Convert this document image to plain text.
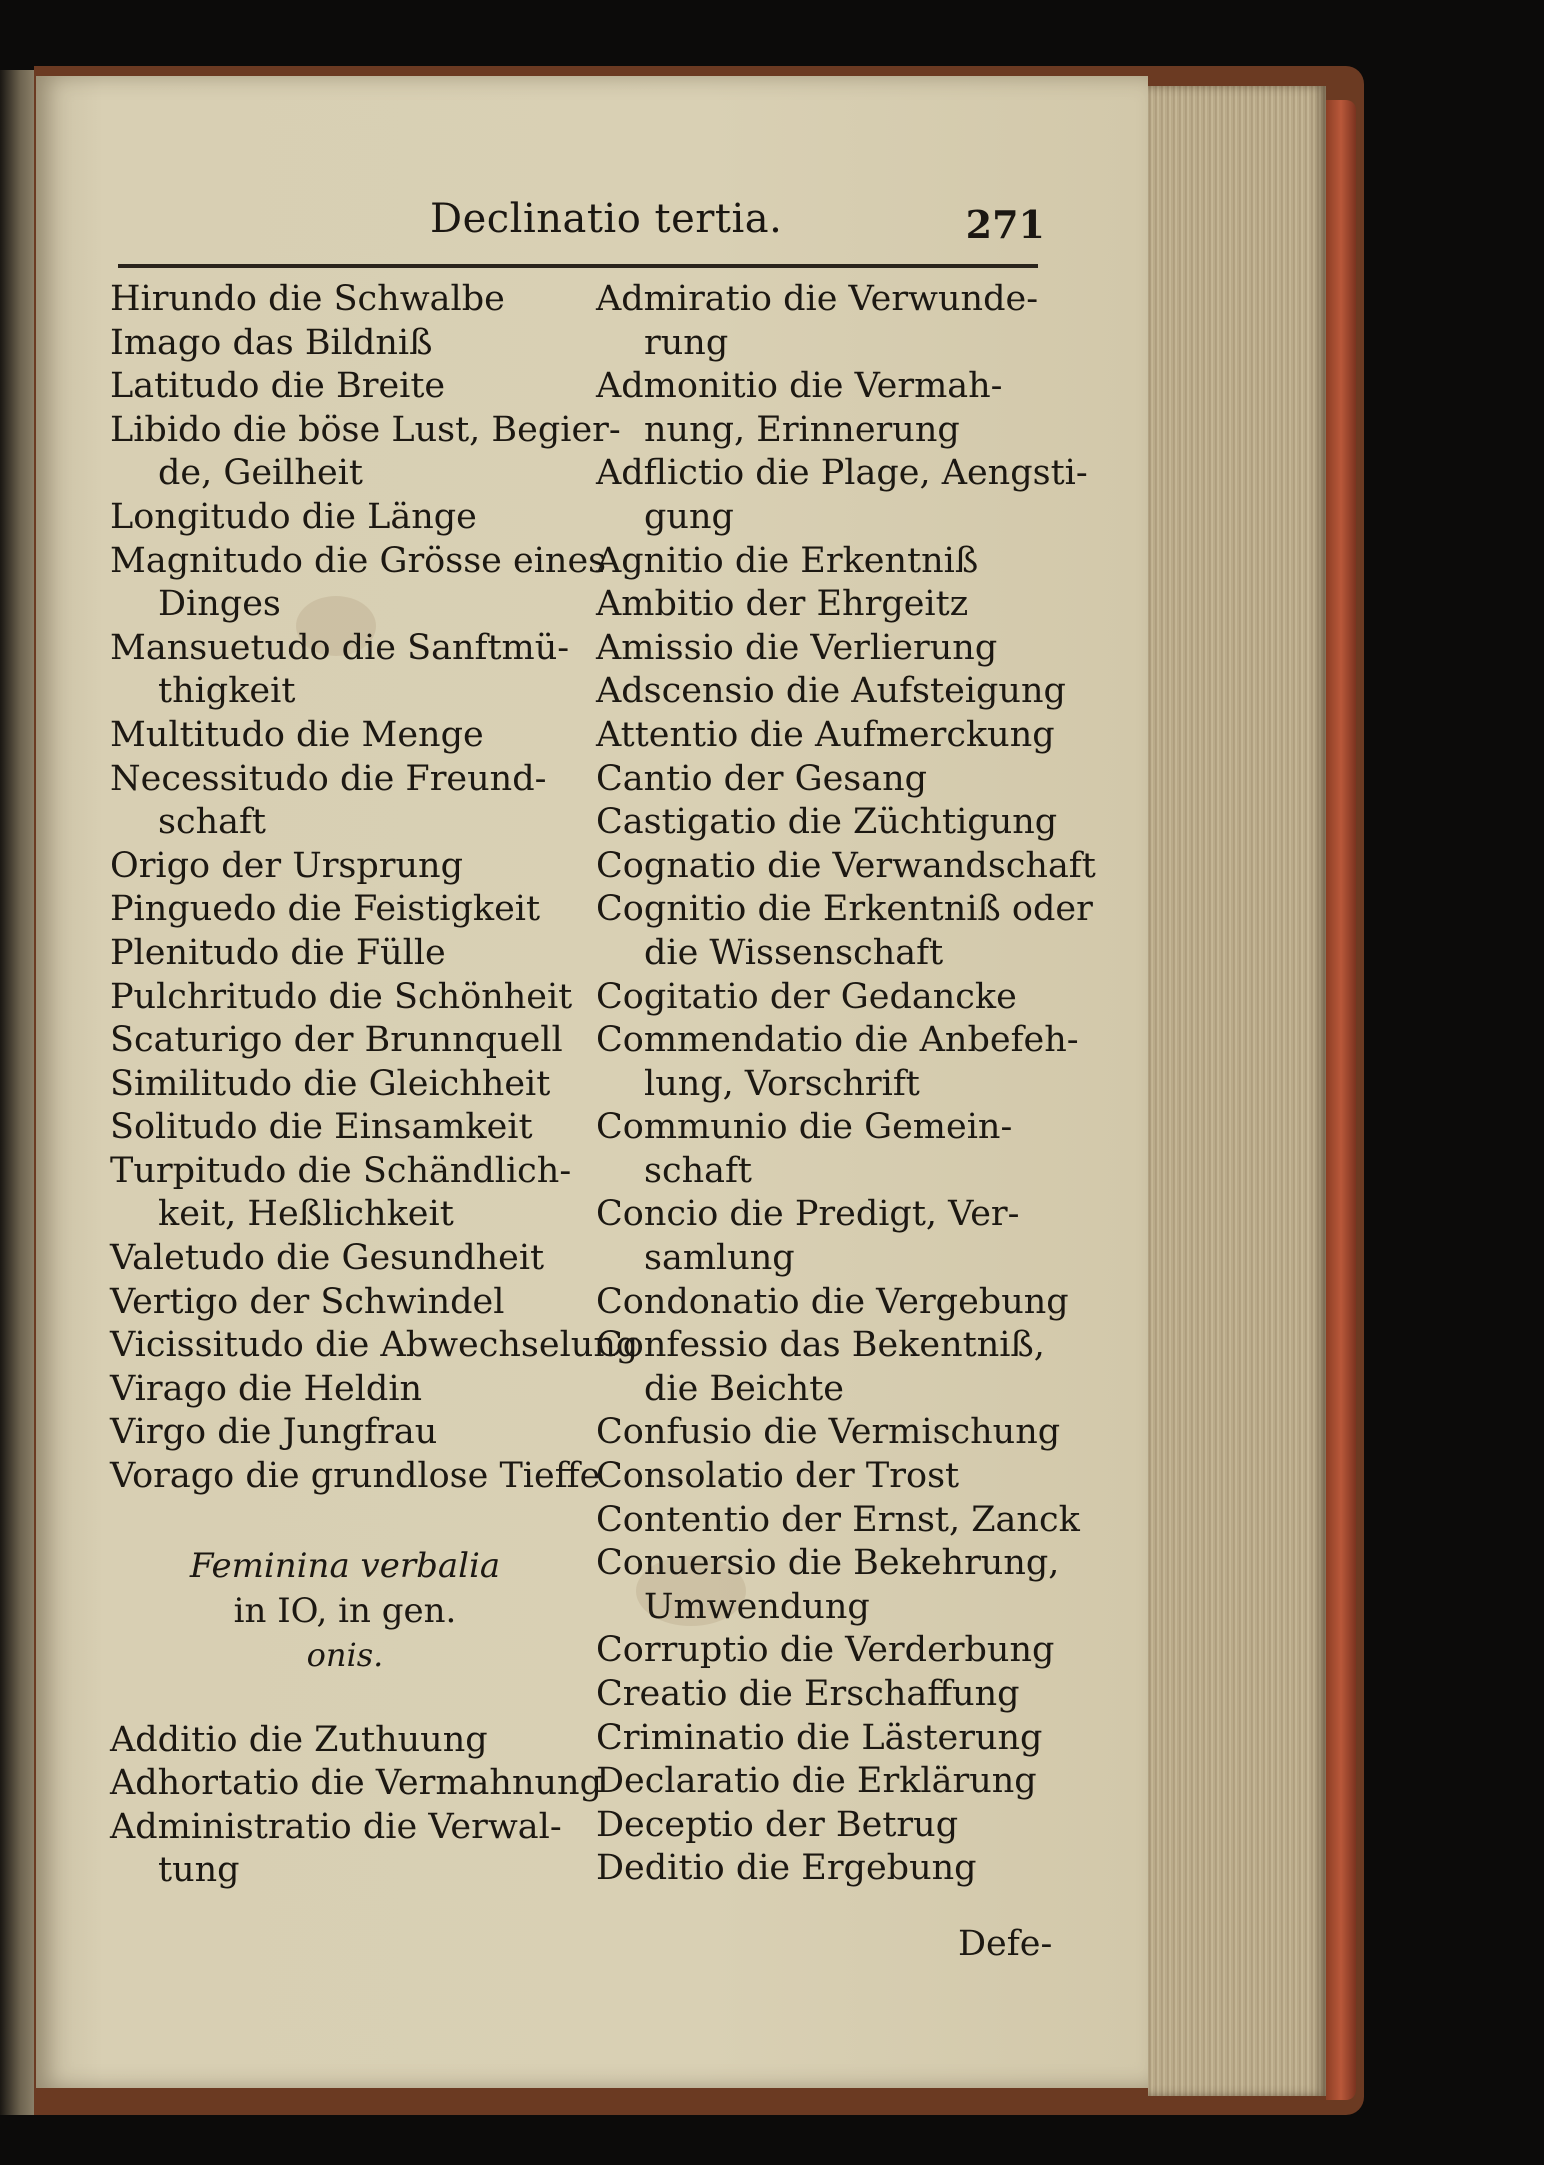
Declinatio tertia.	271
Hirundo die Schwalbe
Imago das Bildniß
Latitudo die Breite
Libido die böse Lust, Begier-
de, Geilheit
Longitudo die Länge
Magnitudo die Grösse eines
Dinges
Mansuetudo die Sanftmü-
thigkeit
Multitudo die Menge
Necessitudo die Freund-
schaft
Origo der Ursprung
Pinguedo die Feistigkeit
Plenitudo die Fülle
Pulchritudo die Schönheit
Scaturigo der Brunnquell
Similitudo die Gleichheit
Solitudo die Einsamkeit
Turpitudo die Schändlich-
keit, Heßlichkeit
Valetudo die Gesundheit
Vertigo der Schwindel
Vicissitudo die Abwechselung
Virago die Heldin
Virgo die Jungfrau
Vorago die grundlose Tieffe
Feminina verbalia
in IO, in gen.
onis.
Additio die Zuthuung
Adhortatio die Vermahnung
Administratio die Verwal-
tung
Admiratio die Verwunde-
rung
Admonitio die Vermah-
nung, Erinnerung
Adflictio die Plage, Aengsti-
gung
Agnitio die Erkentniß
Ambitio der Ehrgeitz
Amissio die Verlierung
Adscensio die Aufsteigung
Attentio die Aufmerckung
Cantio der Gesang
Castigatio die Züchtigung
Cognatio die Verwandschaft
Cognitio die Erkentniß oder
die Wissenschaft
Cogitatio der Gedancke
Commendatio die Anbefeh-
lung, Vorschrift
Communio die Gemein-
schaft
Concio die Predigt, Ver-
samlung
Condonatio die Vergebung
Confessio das Bekentniß,
die Beichte
Confusio die Vermischung
Consolatio der Trost
Contentio der Ernst, Zanck
Conuersio die Bekehrung,
Umwendung
Corruptio die Verderbung
Creatio die Erschaffung
Criminatio die Lästerung
Declaratio die Erklärung
Deceptio der Betrug
Deditio die Ergebung
Defe-
